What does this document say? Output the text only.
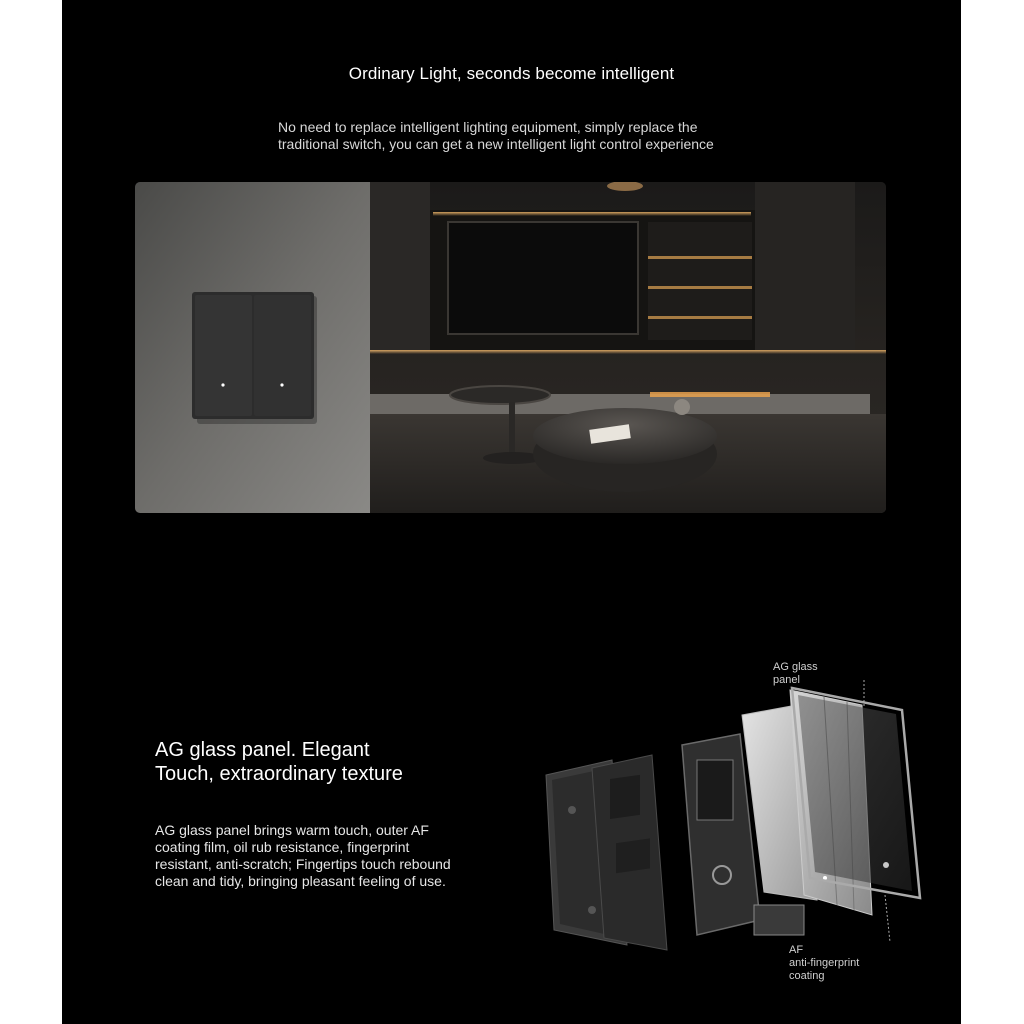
Ordinary Light, seconds become intelligent
No need to replace intelligent lighting equipment, simply replace the traditional switch, you can get a new intelligent light control experience
AG glass panel. Elegant Touch, extraordinary texture
AG glass panel brings warm touch, outer AF coating film, oil rub resistance, fingerprint resistant, anti-scratch; Fingertips touch rebound clean and tidy, bringing pleasant feeling of use.
AG glass
panel
AF
anti-fingerprint
coating
